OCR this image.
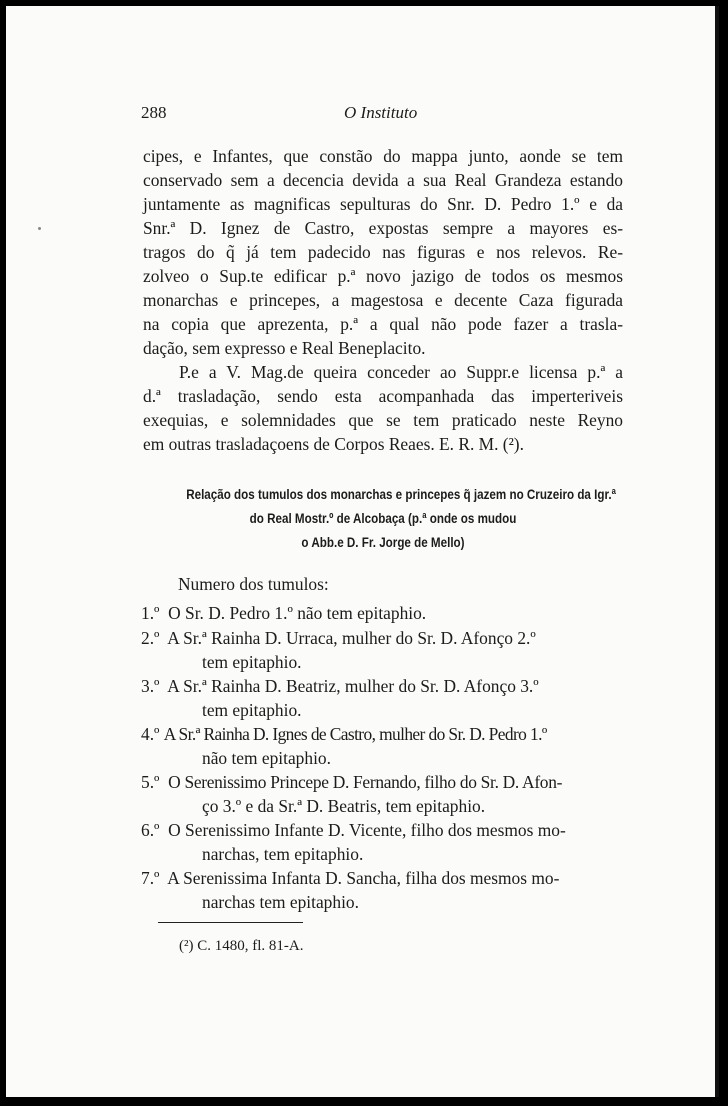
288	O Instituto
cipes, e Infantes, que constão do mappa junto, aonde se tem
conservado sem a decencia devida a sua Real Grandeza estando
juntamente as magnificas sepulturas do Snr. D. Pedro 1.º e da
Snr.ª D. Ignez de Castro, expostas sempre a mayores es-
tragos do q̃ já tem padecido nas figuras e nos relevos. Re-
zolveo o Sup.te edificar p.ª novo jazigo de todos os mesmos
monarchas e princepes, a magestosa e decente Caza figurada
na copia que aprezenta, p.ª a qual não pode fazer a trasla-
dação, sem expresso e Real Beneplacito.
P.e a V. Mag.de queira conceder ao Suppr.e licensa p.ª a
d.ª trasladação, sendo esta acompanhada das imperteriveis
exequias, e solemnidades que se tem praticado neste Reyno
em outras trasladaçoens de Corpos Reaes. E. R. M. (²).
Relação dos tumulos dos monarchas e princepes q̃ jazem no Cruzeiro da Igr.ª
do Real Mostr.º de Alcobaça (p.ª onde os mudou
o Abb.e D. Fr. Jorge de Mello)
Numero dos tumulos:
1.º O Sr. D. Pedro 1.º não tem epitaphio.
2.º A Sr.ª Rainha D. Urraca, mulher do Sr. D. Afonço 2.º
tem epitaphio.
3.º A Sr.ª Rainha D. Beatriz, mulher do Sr. D. Afonço 3.º
tem epitaphio.
4.º A Sr.ª Rainha D. Ignes de Castro, mulher do Sr. D. Pedro 1.º
não tem epitaphio.
5.º O Serenissimo Princepe D. Fernando, filho do Sr. D. Afon-
ço 3.º e da Sr.ª D. Beatris, tem epitaphio.
6.º O Serenissimo Infante D. Vicente, filho dos mesmos mo-
narchas, tem epitaphio.
7.º A Serenissima Infanta D. Sancha, filha dos mesmos mo-
narchas tem epitaphio.
(²) C. 1480, fl. 81-A.
